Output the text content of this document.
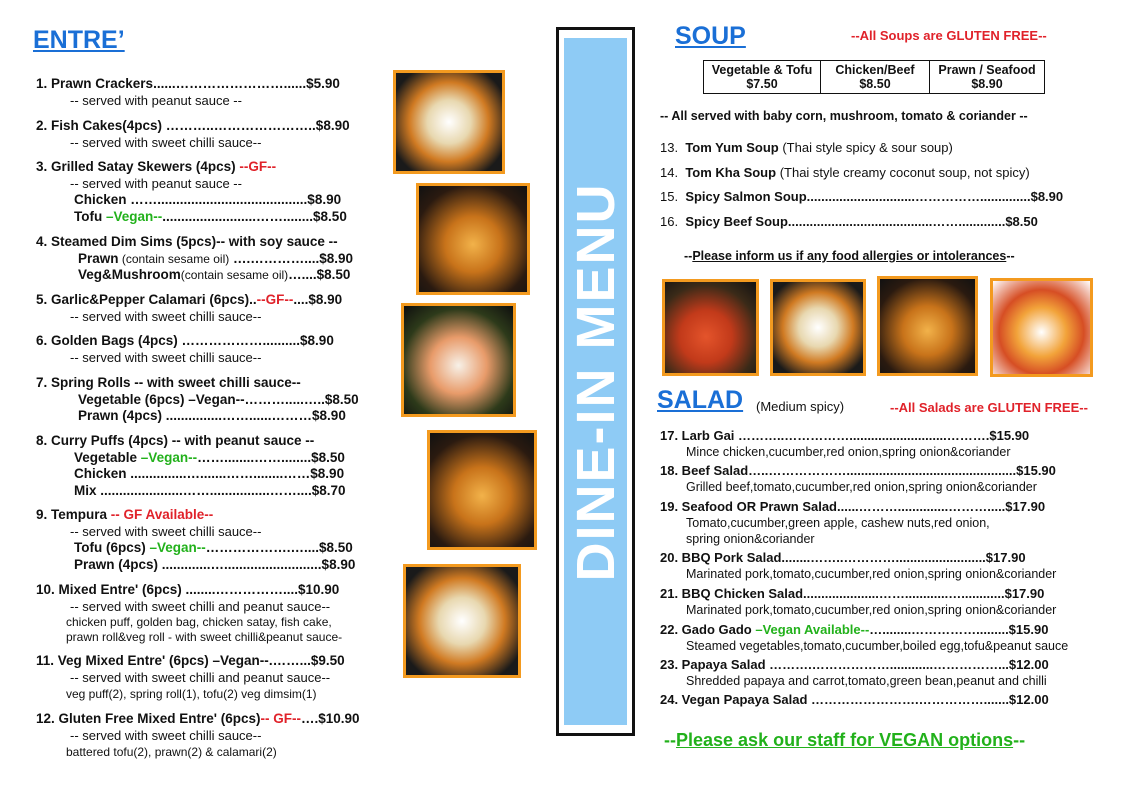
ENTRE’
1. Prawn Crackers......……………………......$5.90
-- served with peanut sauce --
2. Fish Cakes(4pcs) ………..…………………..$8.90
-- served with sweet chilli sauce--
3. Grilled Satay Skewers (4pcs) --GF--
-- served with peanut sauce --
Chicken ……........................................$8.90
Tofu –Vegan--.........................……........$8.50
4. Steamed Dim Sims (5pcs)-- with soy sauce --
Prawn (contain sesame oil) ….…………....$8.90
Veg&Mushroom(contain sesame oil)…....$8.50
5. Garlic&Pepper Calamari (6pcs)..--GF--....$8.90
-- served with sweet chilli sauce--
6. Golden Bags (4pcs) ………………..........$8.90
-- served with sweet chilli sauce--
7. Spring Rolls -- with sweet chilli sauce--
Vegetable (6pcs) –Vegan--……….....…..$8.50
Prawn (4pcs) ...............……......………$8.90
8. Curry Puffs (4pcs) -- with peanut sauce --
Vegetable –Vegan--……........……........$8.50
Chicken ...............….......……........……$8.90
Mix ......................……................……....$8.70
9. Tempura -- GF Available--
-- served with sweet chilli sauce--
Tofu (6pcs) –Vegan--……………….…....$8.50
Prawn (4pcs) .............…..........................$8.90
10. Mixed Entre' (6pcs) ........……………....$10.90
-- served with sweet chilli and peanut sauce--
chicken puff, golden bag, chicken satay, fish cake,
prawn roll&veg roll - with sweet chilli&peanut sauce-
11. Veg Mixed Entre' (6pcs) –Vegan--.……...$9.50
-- served with sweet chilli and peanut sauce--
veg puff(2), spring roll(1), tofu(2) veg dimsim(1)
12. Gluten Free Mixed Entre' (6pcs)-- GF--….$10.90
-- served with sweet chilli sauce--
battered tofu(2), prawn(2) & calamari(2)
DINE-IN MENU
SOUP	--All Soups are GLUTEN FREE--
Vegetable & Tofu
$7.50

Chicken/Beef
$8.50

Prawn / Seafood
$8.90
-- All served with baby corn, mushroom, tomato & coriander --
13. Tom Yum Soup (Thai style spicy & sour soup)
14. Tom Kha Soup (Thai style creamy coconut soup, not spicy)
15. Spicy Salmon Soup..............................……………..............$8.90
16. Spicy Beef Soup........................................…….............$8.50
--Please inform us if any food allergies or intolerances--
SALAD (Medium spicy)	--All Salads are GLUTEN FREE--
17. Larb Gai ………..……………...........................……….$15.90
Mince chicken,cucumber,red onion,spring onion&coriander
18. Beef Salad…..………………...............................................$15.90
Grilled beef,tomato,cucumber,red onion,spring onion&coriander
19. Seafood OR Prawn Salad......………..............……….....$17.90
Tomato,cucumber,green apple, cashew nuts,red onion,
spring onion&coriander
20. BBQ Pork Salad........……..………….........................$17.90
Marinated pork,tomato,cucumber,red onion,spring onion&coriander
21. BBQ Chicken Salad.....................……............…............$17.90
Marinated pork,tomato,cucumber,red onion,spring onion&coriander
22. Gado Gado –Vegan Available--…........…………….........$15.90
Steamed vegetables,tomato,cucumber,boiled egg,tofu&peanut sauce
23. Papaya Salad ……….………………............……………...$12.00
Shredded papaya and carrot,tomato,green bean,peanut and chilli
24. Vegan Papaya Salad …………………….…………….......$12.00
--Please ask our staff for VEGAN options--
